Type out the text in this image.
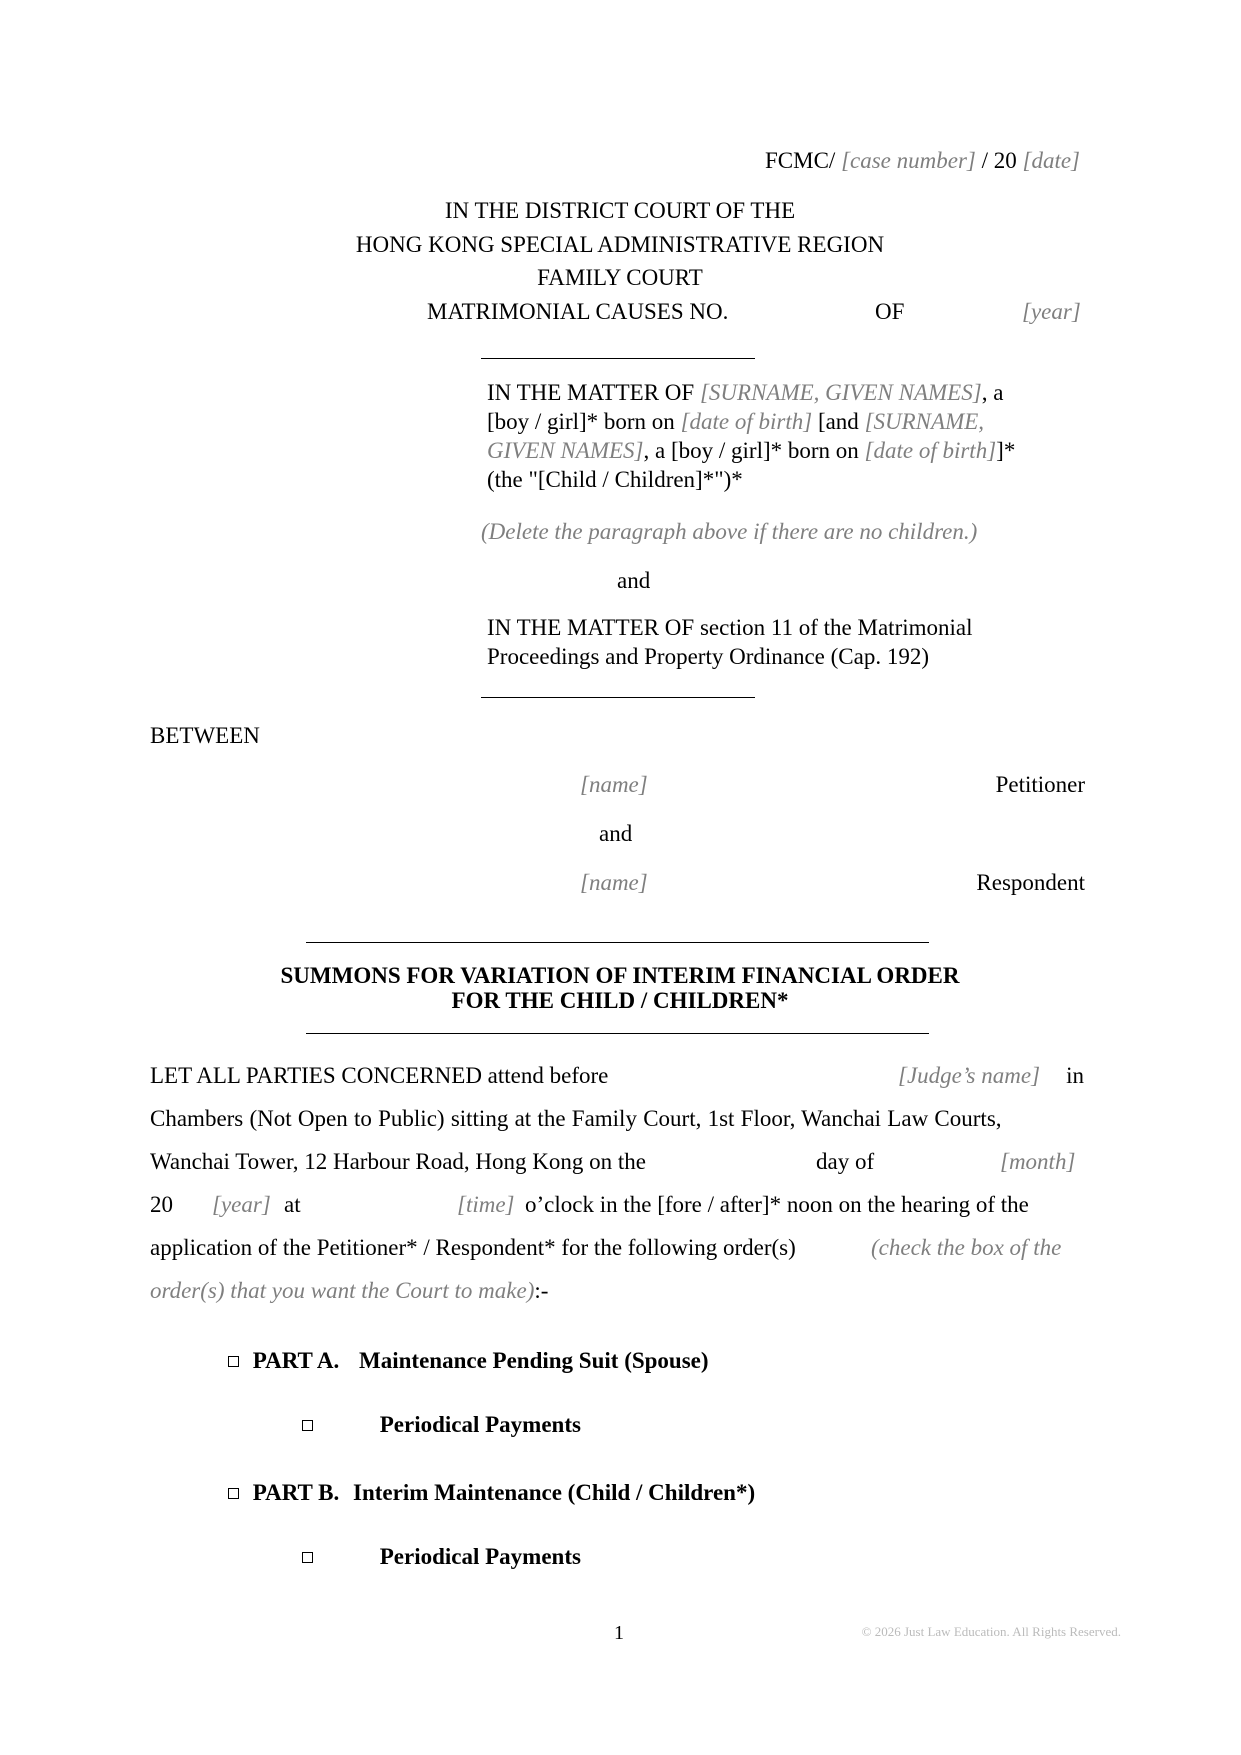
FCMC/ [case number] / 20 [date]
IN THE DISTRICT COURT OF THE
HONG KONG SPECIAL ADMINISTRATIVE REGION
FAMILY COURT
MATRIMONIAL CAUSES NO.	OF	[year]
IN THE MATTER OF [SURNAME, GIVEN NAMES], a
[boy / girl]* born on [date of birth] [and [SURNAME,
GIVEN NAMES], a [boy / girl]* born on [date of birth]]*
(the "[Child / Children]*")*
(Delete the paragraph above if there are no children.)
and
IN THE MATTER OF section 11 of the Matrimonial
Proceedings and Property Ordinance (Cap. 192)
BETWEEN
[name]	Petitioner
and
[name]	Respondent
SUMMONS FOR VARIATION OF INTERIM FINANCIAL ORDER
FOR THE CHILD / CHILDREN*
LET ALL PARTIES CONCERNED attend before	[Judge’s name] in
Chambers (Not Open to Public) sitting at the Family Court, 1st Floor, Wanchai Law Courts,
Wanchai Tower, 12 Harbour Road, Hong Kong on the	day of	[month]
20 [year] at	[time] o’clock in the [fore / after]* noon on the hearing of the
application of the Petitioner* / Respondent* for the following order(s)	(check the box of the
order(s) that you want the Court to make):-
PART A. Maintenance Pending Suit (Spouse)
Periodical Payments
PART B. Interim Maintenance (Child / Children*)
Periodical Payments
1	© 2026 Just Law Education. All Rights Reserved.
